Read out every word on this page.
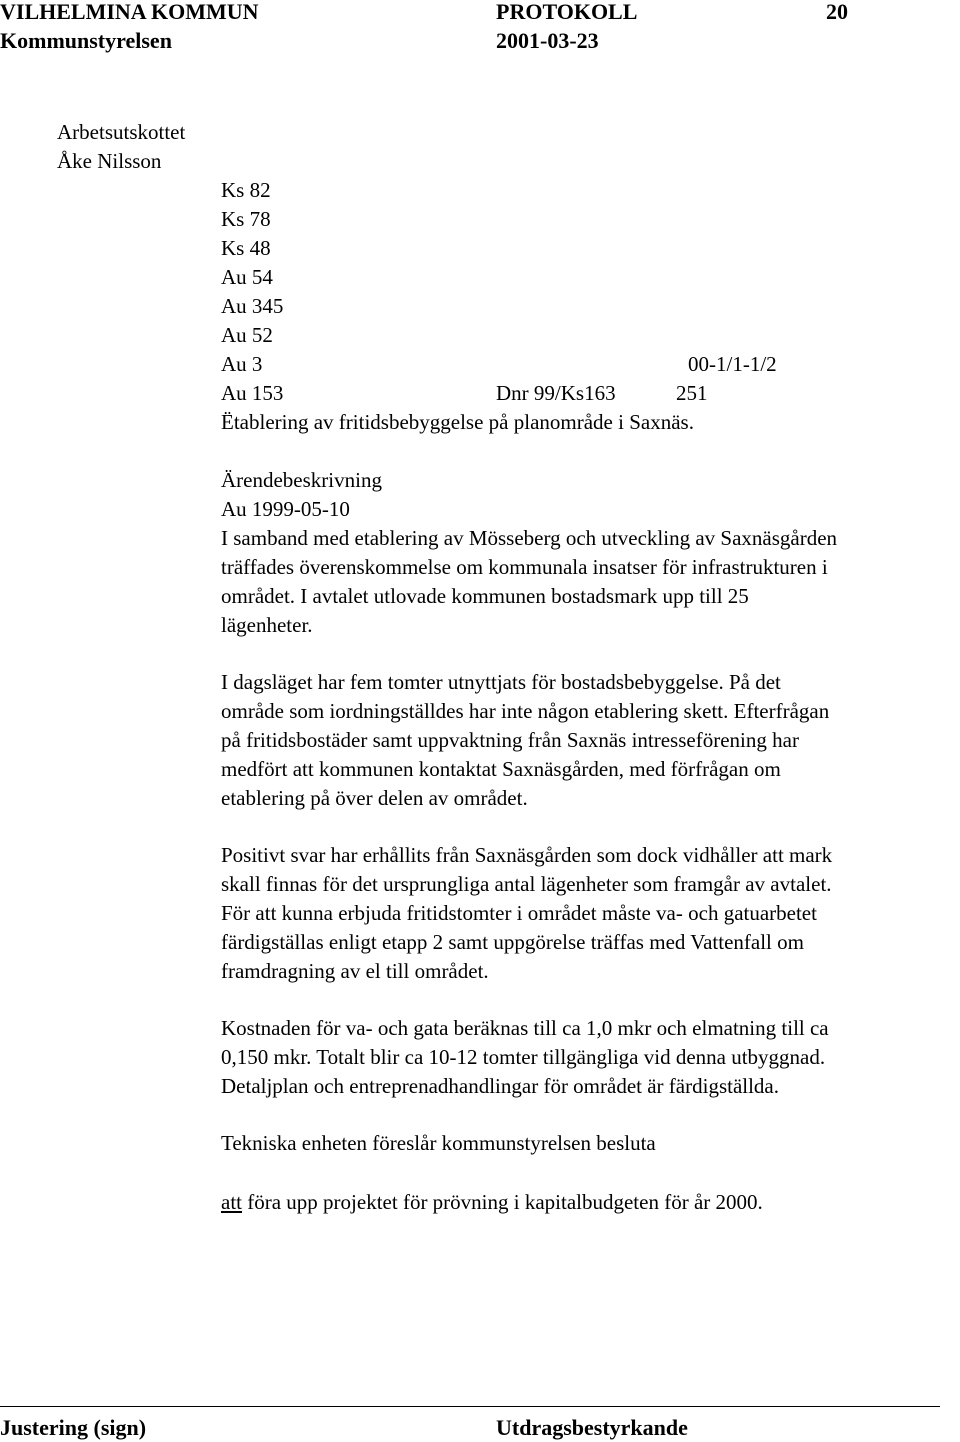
VILHELMINA KOMMUN	PROTOKOLL	20
Kommunstyrelsen	2001-03-23
Arbetsutskottet
Åke Nilsson
Ks 82
Ks 78
Ks 48
Au 54
Au 345
Au 52
Au 3	00-1/1-1/2
Au 153	Dnr 99/Ks163	251
Ëtablering av fritidsbebyggelse på planområde i Saxnäs.
Ärendebeskrivning
Au 1999-05-10
I samband med etablering av Mösseberg och utveckling av Saxnäsgården
träffades överenskommelse om kommunala insatser för infrastrukturen i
området. I avtalet utlovade kommunen bostadsmark upp till 25
lägenheter.
I dagsläget har fem tomter utnyttjats för bostadsbebyggelse. På det
område som iordningställdes har inte någon etablering skett. Efterfrågan
på fritidsbostäder samt uppvaktning från Saxnäs intresseförening har
medfört att kommunen kontaktat Saxnäsgården, med förfrågan om
etablering på över delen av området.
Positivt svar har erhållits från Saxnäsgården som dock vidhåller att mark
skall finnas för det ursprungliga antal lägenheter som framgår av avtalet.
För att kunna erbjuda fritidstomter i området måste va- och gatuarbetet
färdigställas enligt etapp 2 samt uppgörelse träffas med Vattenfall om
framdragning av el till området.
Kostnaden för va- och gata beräknas till ca 1,0 mkr och elmatning till ca
0,150 mkr. Totalt blir ca 10-12 tomter tillgängliga vid denna utbyggnad.
Detaljplan och entreprenadhandlingar för området är färdigställda.
Tekniska enheten föreslår kommunstyrelsen besluta
att föra upp projektet för prövning i kapitalbudgeten för år 2000.
Justering (sign)	Utdragsbestyrkande
